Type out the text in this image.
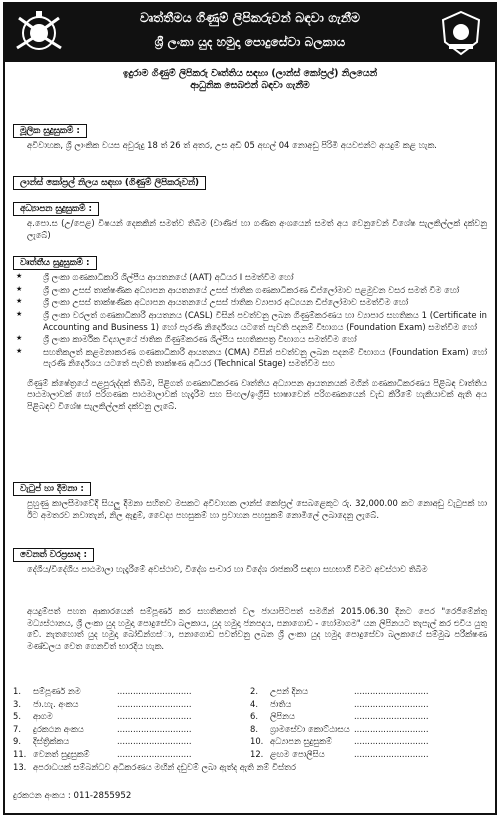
වෘත්තීමය ගිණුම් ලිපිකරුවන් බඳවා ගැනීම
ශ්‍රී ලංකා යුද හමුදා පොදුසේවා බලකාය
ඉදුරාම ගිණුම් ලිපිකරු වෘත්තිය සඳහා (ලාන්ස් කෝප්‍රල්) නිලයෙන්
ආධුනික සෙබළුන් බඳවා ගැනීම
මූලික සුදුසුකම් :
අවිවාහක, ශ්‍රී ලාංකික වයස අවුරුදු 18 ත් 26 ත් අතර, උස අඩි 05 අඟල් 04 නොඅඩු පිරිමි අයවළුන්ට අයදුම් කළ හැක.
ලාන්ස් කෝප්‍රල් නිලය සඳහා (ගිණුම් ලිපිකරුවන්)
අධ්‍යාපන සුදුසුකම් :
අ.පො.ස (උ/පෙළ) විෂයන් දෙකකින් සමත්ව තිබීම (වාණිජ හා ගණිත අංශයෙන් සමත් අය වෙනුවෙන් විශේෂ සැලකිල්ලක් දක්වනු ලැබේ)
වෘත්තීය සුදුසුකම් :
★ ශ්‍රී ලංකා ගණකාධිකාරි ශිල්පීය ආයතනයේ (AAT) අධියර I සමත්වීම හෝ
★ ශ්‍රී ලංකා උසස් තාක්ෂණික අධ්‍යාපන ආයතනයේ උසස් ජාතික ගණකාධිකරණ ඩිප්ලෝමාව පළමුවන වසර සමත් වීම හෝ
★ ශ්‍රී ලංකා උසස් තාක්ෂණික අධ්‍යාපන ආයතනයේ උසස් ජාතික ව්‍යාපාර අධ්‍යයන ඩිප්ලෝමාව සමත්වීම හෝ
★ ශ්‍රී ලංකා වරලත් ගණකාධිකාරී ආයතනය (CASL) විසින් පවත්වනු ලබන ගිණුම්කරණය හා ව්‍යාපාර සහතිකය 1 (Certificate in Accounting and Business 1) හෝ පැරණි නිර්දේශය යටතේ පැවති පදනම් විභාගය (Foundation Exam) සමත්වීම හෝ
★ ශ්‍රී ලංකා කාර්මික විද්‍යාලයේ ජාතික ගිණුම්කරණ ශිල්පීය සහතිකපත්‍ර විභාගය සමත්වීම හෝ
★ සහතිකලත් කළමනාකරණ ගණකාධිකාරී ආයතනය (CMA) විසින් පවත්වනු ලබන පදනම් විභාගය (Foundation Exam) හෝ පැරණි නිර්දේශය යටතේ පැවති තාක්ෂණ අධියර (Technical Stage) සමත්වීම සහ
ගිණුම් ක්ෂේත්‍රයේ පළපුරුද්දක් තිබීම, පිළිගත් ගණකාධිකරණ වෘත්තිය අධ්‍යාපන ආයතනයක් මගින් ගණකාධිකරණය පිළිබඳ වෘත්තිය පාඨමාලාවක් හෝ පරිගණක පාඨමාලාවක් හැදෑරීම සහ සිංහල/ඉංග්‍රීසි භාෂාවෙන් පරිගණකයෙන් වැඩ කිරීමේ හැකියාවක් ඇති අය පිළිබඳව විශේෂ සැලකිල්ලක් දක්වනු ලැබේ.
වැටුප් හා දීමනා :
පුහුණු කාලසීමාවේදී සියලු දීමනා සහිතව මසකට අවිවාහක ලාන්ස් කෝප්‍රල් සෙබළෙකුට රු. 32,000.00 කට නොඅඩු වැටුපක් හා ඊට අමතරව නවාතැන්, නිල ඇඳුම්, වෛද්‍ය පහසුකම් හා ප්‍රවාහන පහසුකම් නොමිලේ ලබාදෙනු ලැබේ.
වෙනත් වරප්‍රසාද :
දේශීය/විදේශීය පාඨමාලා හැදෑරීමේ අවස්ථාව, විදේශ සංචාර හා විදේශ රාජකාරී සඳහා සහභාගී වීමට අවස්ථාව තිබීම
අයදුම්පත් පහත ආකාරයෙන් සම්පූර්ණ කර සහතිකපත් වල ජායාපිටපත් සමගින් 2015.06.30 දිනට පෙර "රෙජිමේන්තු මධ්‍යස්ථානය, ශ්‍රී ලංකා යුද හමුදා පොදුසේවා බලකාය, යුද හමුදා ජනපදය, පනාගොඩ - හෝමාගම" යන ලිපිනයට තැපැල් කර එවිය යුතු වේ. නැතහොත් යුද හමුදා බෝඩින්ගස්‌ා, පනාගොඩ පවත්වනු ලබන ශ්‍රී ලංකා යුද හමුදා පොදුසේවා බලකායේ සම්මුඛ පරීක්ෂණ මණ්ඩලය වෙත ගෙනවිත් භාරදිය හැක.
1.	සම්පූර්ණ නම	............................	2.	උපන් දිනය	............................
3.	ජා.හැ. අංකය	............................	4.	ජාතිය	............................
5.	ආගම	............................	6.	ලිපිනය	............................
7.	දුරකථන අංකය	............................	8.	ග්‍රාමසේවා කොට්ඨාසය ............................
9.	දිස්ත්‍රික්කය	............................	10. අධ්‍යාපන සුදුසුකම්	............................
11. වෙනත් සුදුසුකම්	............................	12. ළඟම පොලීසිය	............................
13. අපරාධයක් සම්බන්ධව අධිකරණය මඟින් දඩුවම් ලබා ඇත්ද ඇති නම් විස්තර
දුරකථන අංකය : 011-2855952
